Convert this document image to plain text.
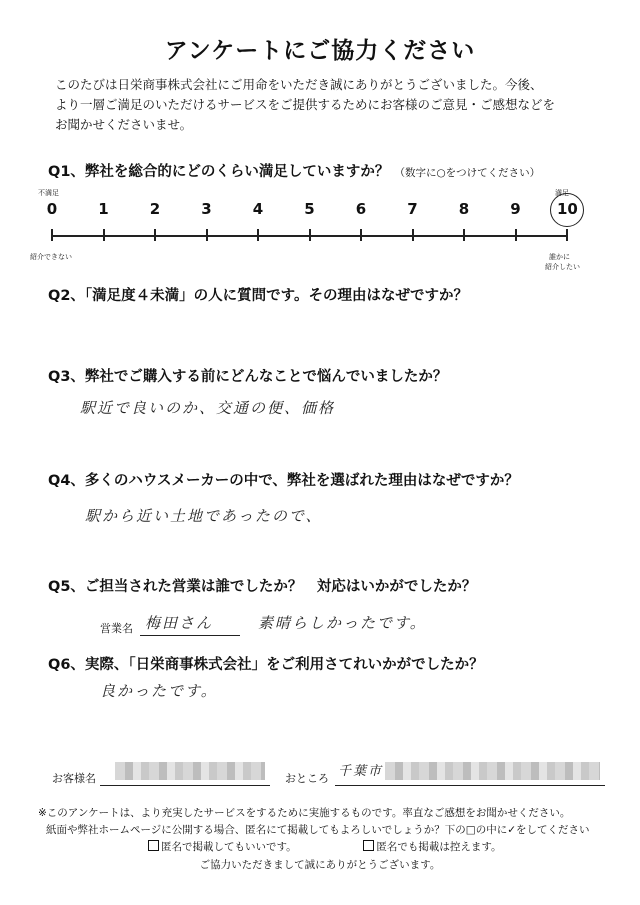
アンケートにご協力ください
このたびは日栄商事株式会社にご用命をいただき誠にありがとうございました。今後、
より一層ご満足のいただけるサービスをご提供するためにお客様のご意見・ご感想などを
お聞かせくださいませ。
Q1、弊社を総合的にどのくらい満足していますか？ （数字に○をつけてください）
不満足	満足
0	1	2	3	4	5	6	7	8	9	10
紹介できない	誰かに
紹介したい
Q2、「満足度４未満」の人に質問です。その理由はなぜですか？
Q3、弊社でご購入する前にどんなことで悩んでいましたか？
駅近で良いのか、交通の便、価格
Q4、多くのハウスメーカーの中で、弊社を選ばれた理由はなぜですか？
駅から近い土地であったので、
Q5、ご担当された営業は誰でしたか？　対応はいかがでしたか？
営業名 梅田さん	素晴らしかったです。
Q6、実際、「日栄商事株式会社」をご利用さてれいかがでしたか？
良かったです。
お客様名	おところ 千葉市
※このアンケートは、より充実したサービスをするために実施するものです。率直なご感想をお聞かせください。
紙面や弊社ホームページに公開する場合、匿名にて掲載してもよろしいでしょうか？下の□の中に✓をしてください
匿名で掲載してもいいです。	匿名でも掲載は控えます。
ご協力いただきまして誠にありがとうございます。
